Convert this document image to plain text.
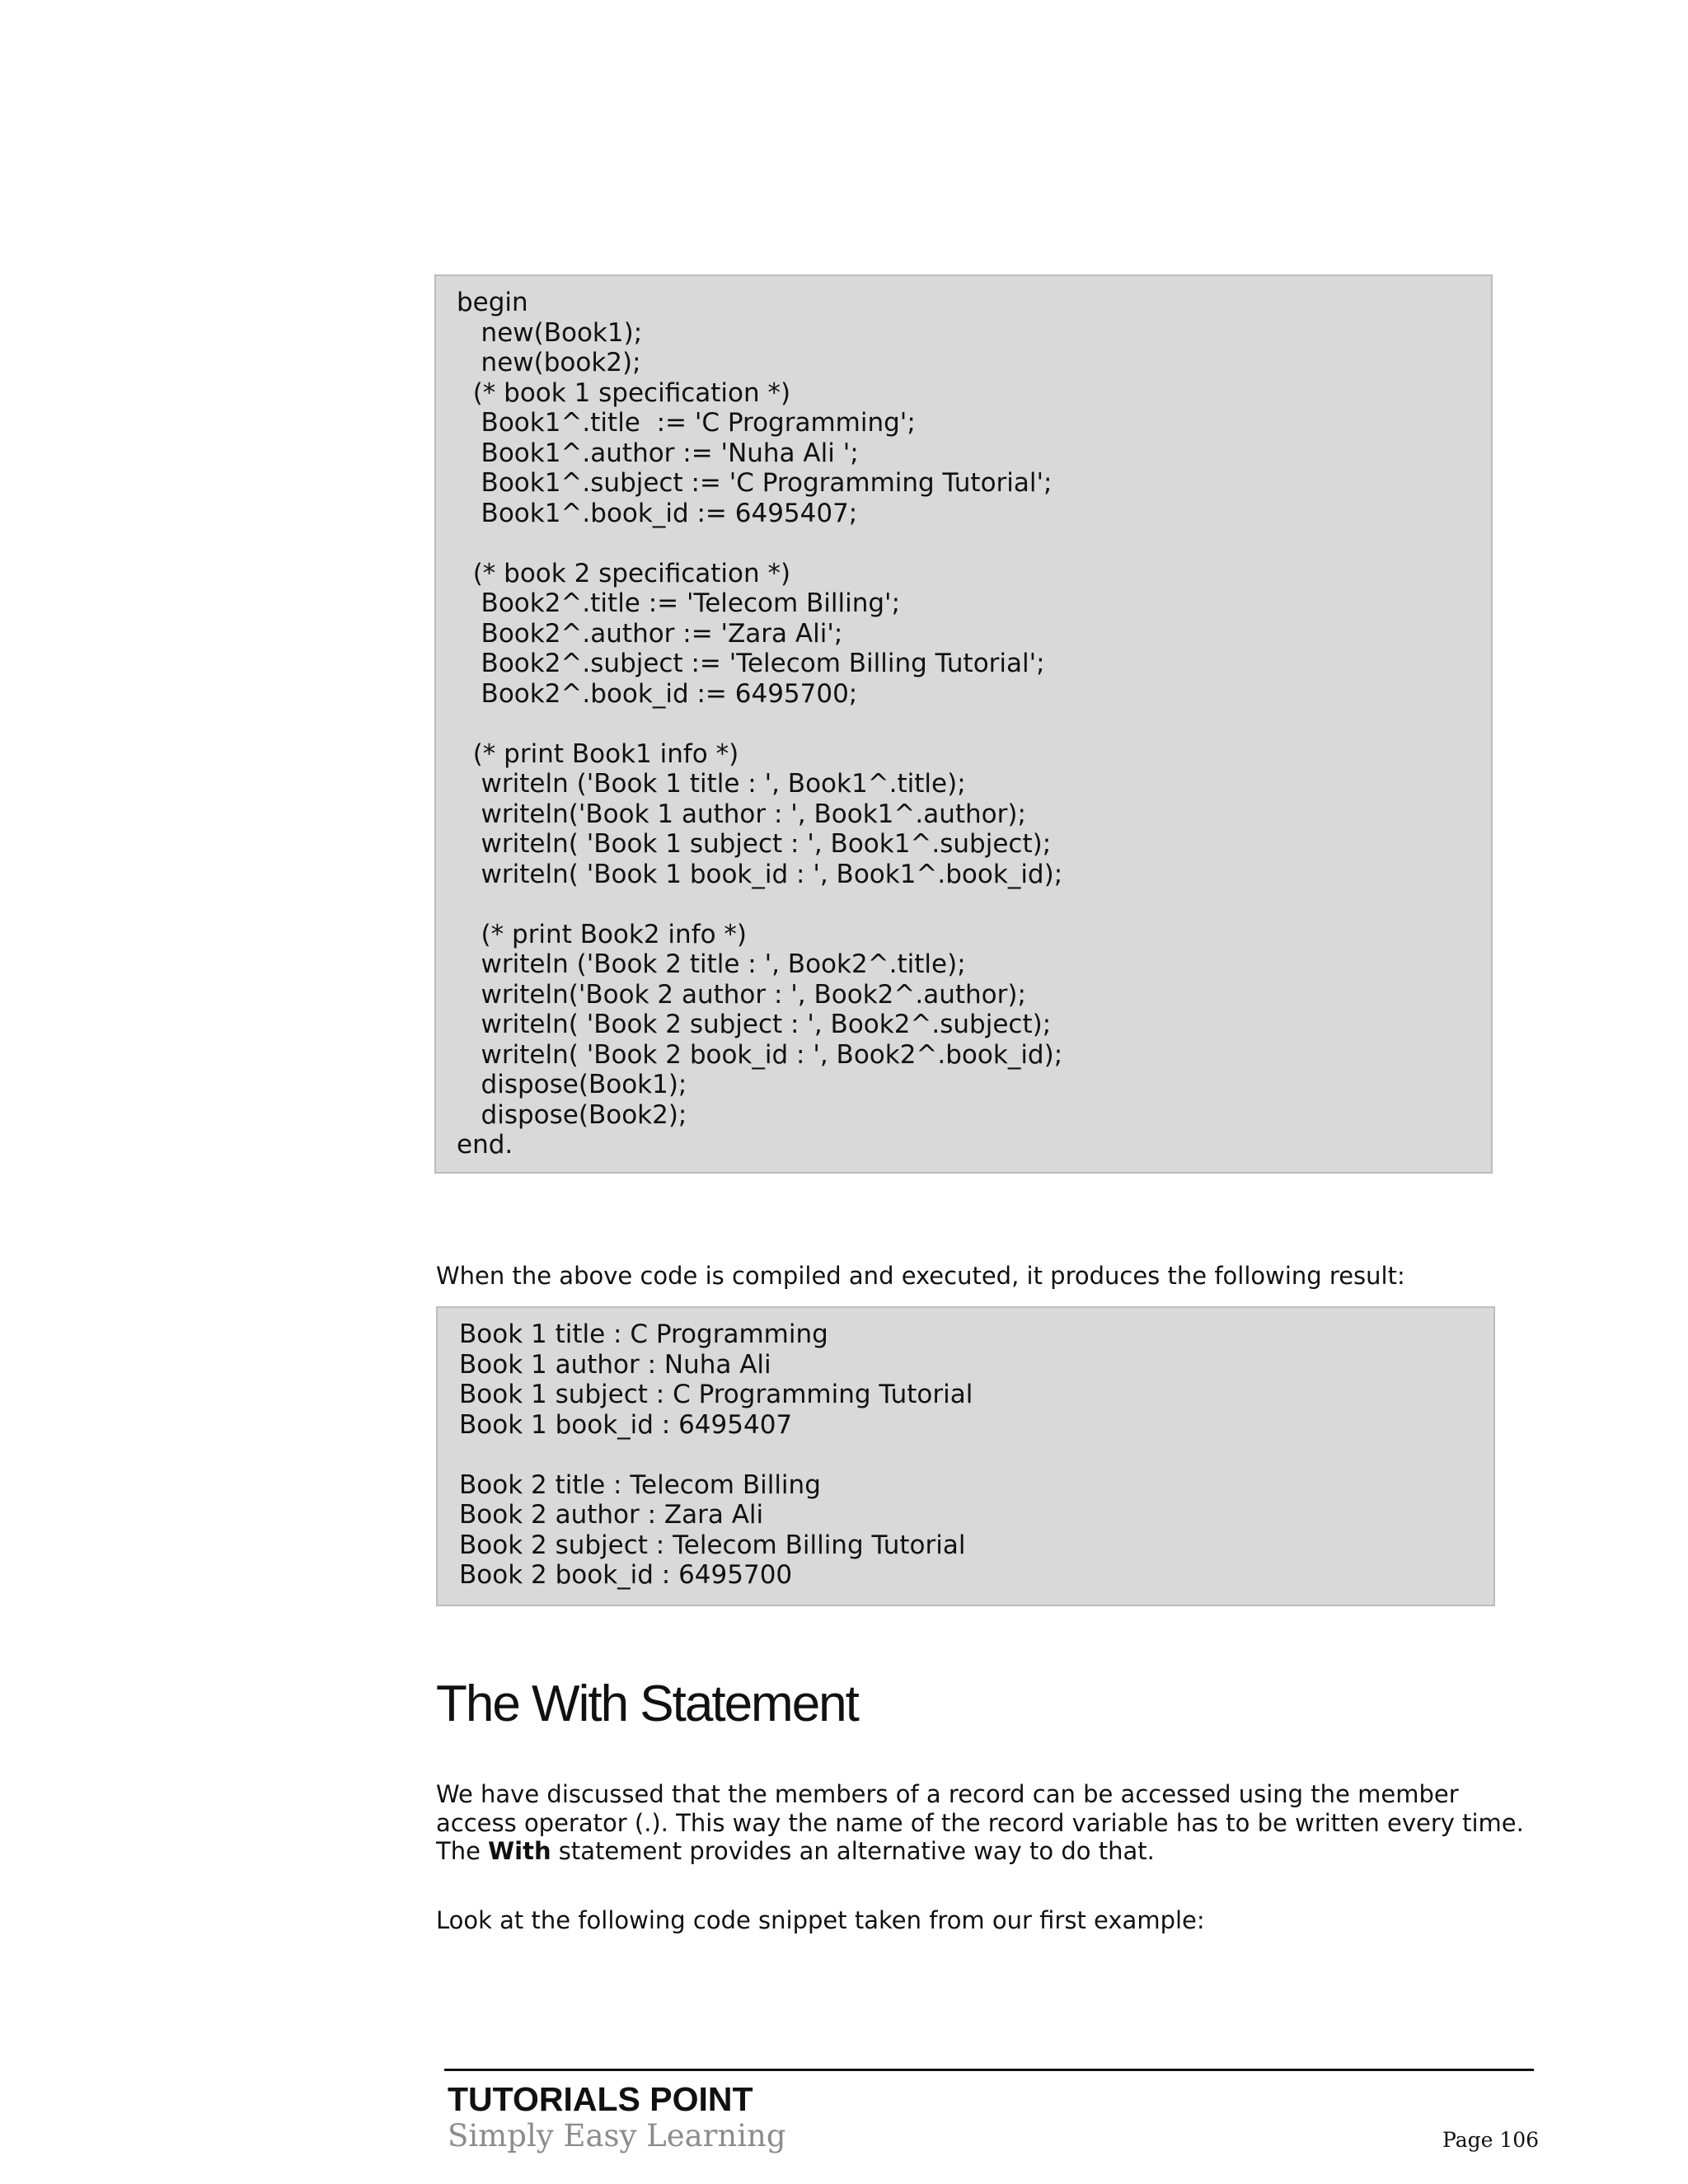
begin
new(Book1);
new(book2);
(* book 1 specification *)
Book1^.title  := 'C Programming';
Book1^.author := 'Nuha Ali ';
Book1^.subject := 'C Programming Tutorial';
Book1^.book_id := 6495407;
(* book 2 specification *)
Book2^.title := 'Telecom Billing';
Book2^.author := 'Zara Ali';
Book2^.subject := 'Telecom Billing Tutorial';
Book2^.book_id := 6495700;
(* print Book1 info *)
writeln ('Book 1 title : ', Book1^.title);
writeln('Book 1 author : ', Book1^.author);
writeln( 'Book 1 subject : ', Book1^.subject);
writeln( 'Book 1 book_id : ', Book1^.book_id);
(* print Book2 info *)
writeln ('Book 2 title : ', Book2^.title);
writeln('Book 2 author : ', Book2^.author);
writeln( 'Book 2 subject : ', Book2^.subject);
writeln( 'Book 2 book_id : ', Book2^.book_id);
dispose(Book1);
dispose(Book2);
end.

When the above code is compiled and executed, it produces the following result:

Book 1 title : C Programming
Book 1 author : Nuha Ali
Book 1 subject : C Programming Tutorial
Book 1 book_id : 6495407
Book 2 title : Telecom Billing
Book 2 author : Zara Ali
Book 2 subject : Telecom Billing Tutorial
Book 2 book_id : 6495700
The With Statement

We have discussed that the members of a record can be accessed using the member access operator (.). This way the name of the record variable has to be written every time. The With statement provides an alternative way to do that.

Look at the following code snippet taken from our first example:

TUTORIALS POINT
Simply Easy Learning	Page 106
